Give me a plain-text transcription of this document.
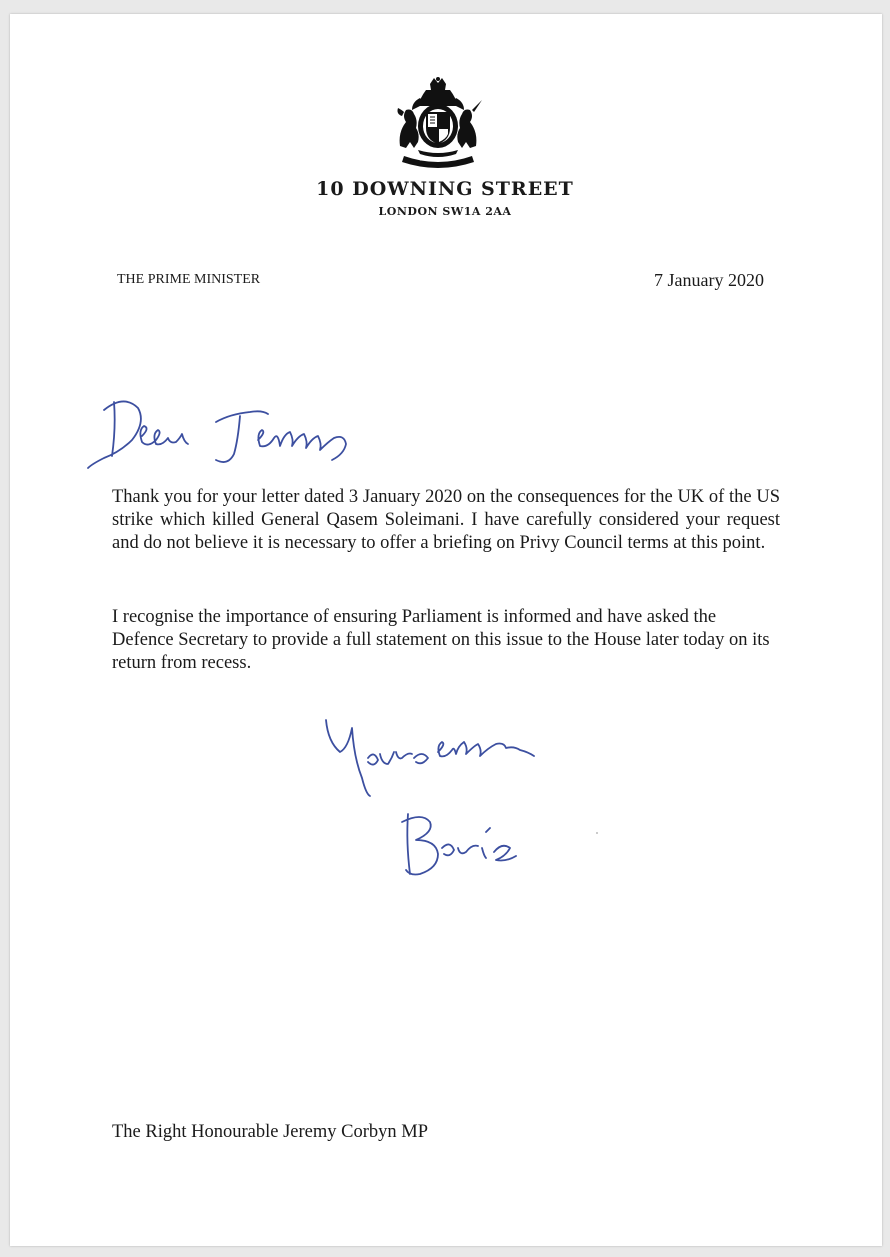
10 DOWNING STREET
LONDON SW1A 2AA
THE PRIME MINISTER	7 January 2020
Thank you for your letter dated 3 January 2020 on the consequences for the UK of the US strike which killed General Qasem Soleimani. I have carefully considered your request and do not believe it is necessary to offer a briefing on Privy Council terms at this point.
I recognise the importance of ensuring Parliament is informed and have asked the Defence Secretary to provide a full statement on this issue to the House later today on its return from recess.
The Right Honourable Jeremy Corbyn MP
